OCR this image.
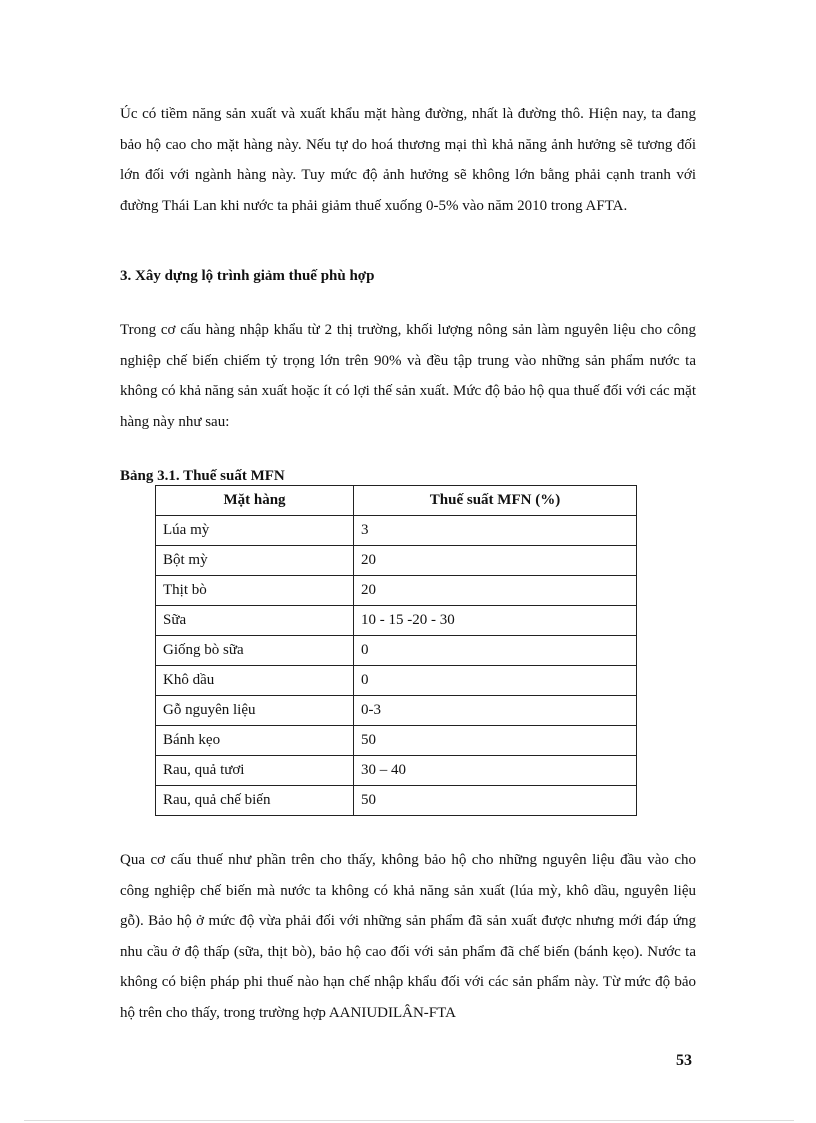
Úc có tiềm năng sản xuất và xuất khẩu mặt hàng đường, nhất là đường thô. Hiện nay, ta đang bảo hộ cao cho mặt hàng này. Nếu tự do hoá thương mại thì khả năng ảnh hưởng sẽ tương đối lớn đối với ngành hàng này. Tuy mức độ ảnh hưởng sẽ không lớn bằng phải cạnh tranh với đường Thái Lan khi nước ta phải giảm thuế xuống 0-5% vào năm 2010 trong AFTA.

3. Xây dựng lộ trình giảm thuế phù hợp

Trong cơ cấu hàng nhập khẩu từ 2 thị trường, khối lượng nông sản làm nguyên liệu cho công nghiệp chế biến chiếm tỷ trọng lớn trên 90% và đều tập trung vào những sản phẩm nước ta không có khả năng sản xuất hoặc ít có lợi thế sản xuất. Mức độ bảo hộ qua thuế đối với các mặt hàng này như sau:

Bảng 3.1. Thuế suất MFN
Mặt hàng	Thuế suất MFN (%)
Lúa mỳ	3
Bột mỳ	20
Thịt bò	20
Sữa	10 - 15 -20 - 30
Giống bò sữa	0
Khô dầu	0
Gỗ nguyên liệu	0-3
Bánh kẹo	50
Rau, quả tươi	30 – 40
Rau, quả chế biến	50

Qua cơ cấu thuế như phần trên cho thấy, không bảo hộ cho những nguyên liệu đầu vào cho công nghiệp chế biến mà nước ta không có khả năng sản xuất (lúa mỳ, khô dầu, nguyên liệu gỗ). Bảo hộ ở mức độ vừa phải đối với những sản phẩm đã sản xuất được nhưng mới đáp ứng nhu cầu ở độ thấp (sữa, thịt bò), bảo hộ cao đối với sản phẩm đã chế biến (bánh kẹo). Nước ta không có biện pháp phi thuế nào hạn chế nhập khẩu đối với các sản phẩm này. Từ mức độ bảo hộ trên cho thấy, trong trường hợp AANIUDILÂN-FTA

53
